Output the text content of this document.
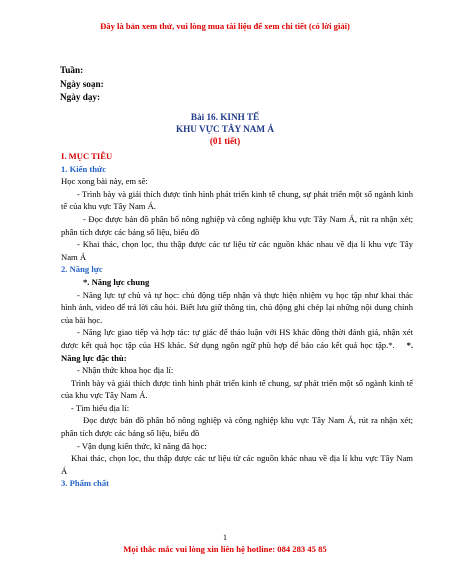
Đây là bản xem thử, vui lòng mua tài liệu để xem chi tiết (có lời giải)
Tuần:
Ngày soạn:
Ngày dạy:
Bài 16. KINH TẾ
KHU VỰC TÂY NAM Á
(01 tiết)

I. MỤC TIÊU

1. Kiến thức

Học xong bài này, em sẽ:

- Trình bày và giải thích được tình hình phát triển kinh tế chung, sự phát triển một số ngành kinh tế của khu vực Tây Nam Á.

- Đọc được bản đồ phân bố nông nghiệp và công nghiệp khu vực Tây Nam Á, rút ra nhận xét; phân tích được các bảng số liệu, biểu đồ

- Khai thác, chọn lọc, thu thập được các tư liệu từ các nguồn khác nhau về địa lí khu vực Tây Nam Á

2. Năng lực

*. Năng lực chung

- Năng lực tự chủ và tự học: chủ động tiếp nhận và thực hiện nhiệm vụ học tập như khai thác hình ảnh, video để trả lời câu hỏi. Biết lưu giữ thông tin, chủ động ghi chép lại những nội dung chính của bài học.

- Năng lực giao tiếp và hợp tác: tự giác để thảo luận với HS khác đồng thời đánh giá, nhận xét được kết quả học tập của HS khác. Sử dụng ngôn ngữ phù hợp để báo cáo kết quả học tập.*. *. Năng lực đặc thù:

- Nhận thức khoa học địa lí:

Trình bày và giải thích được tình hình phát triển kinh tế chung, sự phát triển một số ngành kinh tế của khu vực Tây Nam Á.

- Tìm hiểu địa lí:

Đọc được bản đồ phân bố nông nghiệp và công nghiệp khu vực Tây Nam Á, rút ra nhận xét; phân tích được các bảng số liệu, biểu đồ

- Vận dụng kiến thức, kĩ năng đã học:

Khai thác, chọn lọc, thu thập được các tư liệu từ các nguồn khác nhau về địa lí khu vực Tây Nam Á

3. Phẩm chất

1
Mọi thắc mắc vui lòng xin liên hệ hotline: 084 283 45 85
